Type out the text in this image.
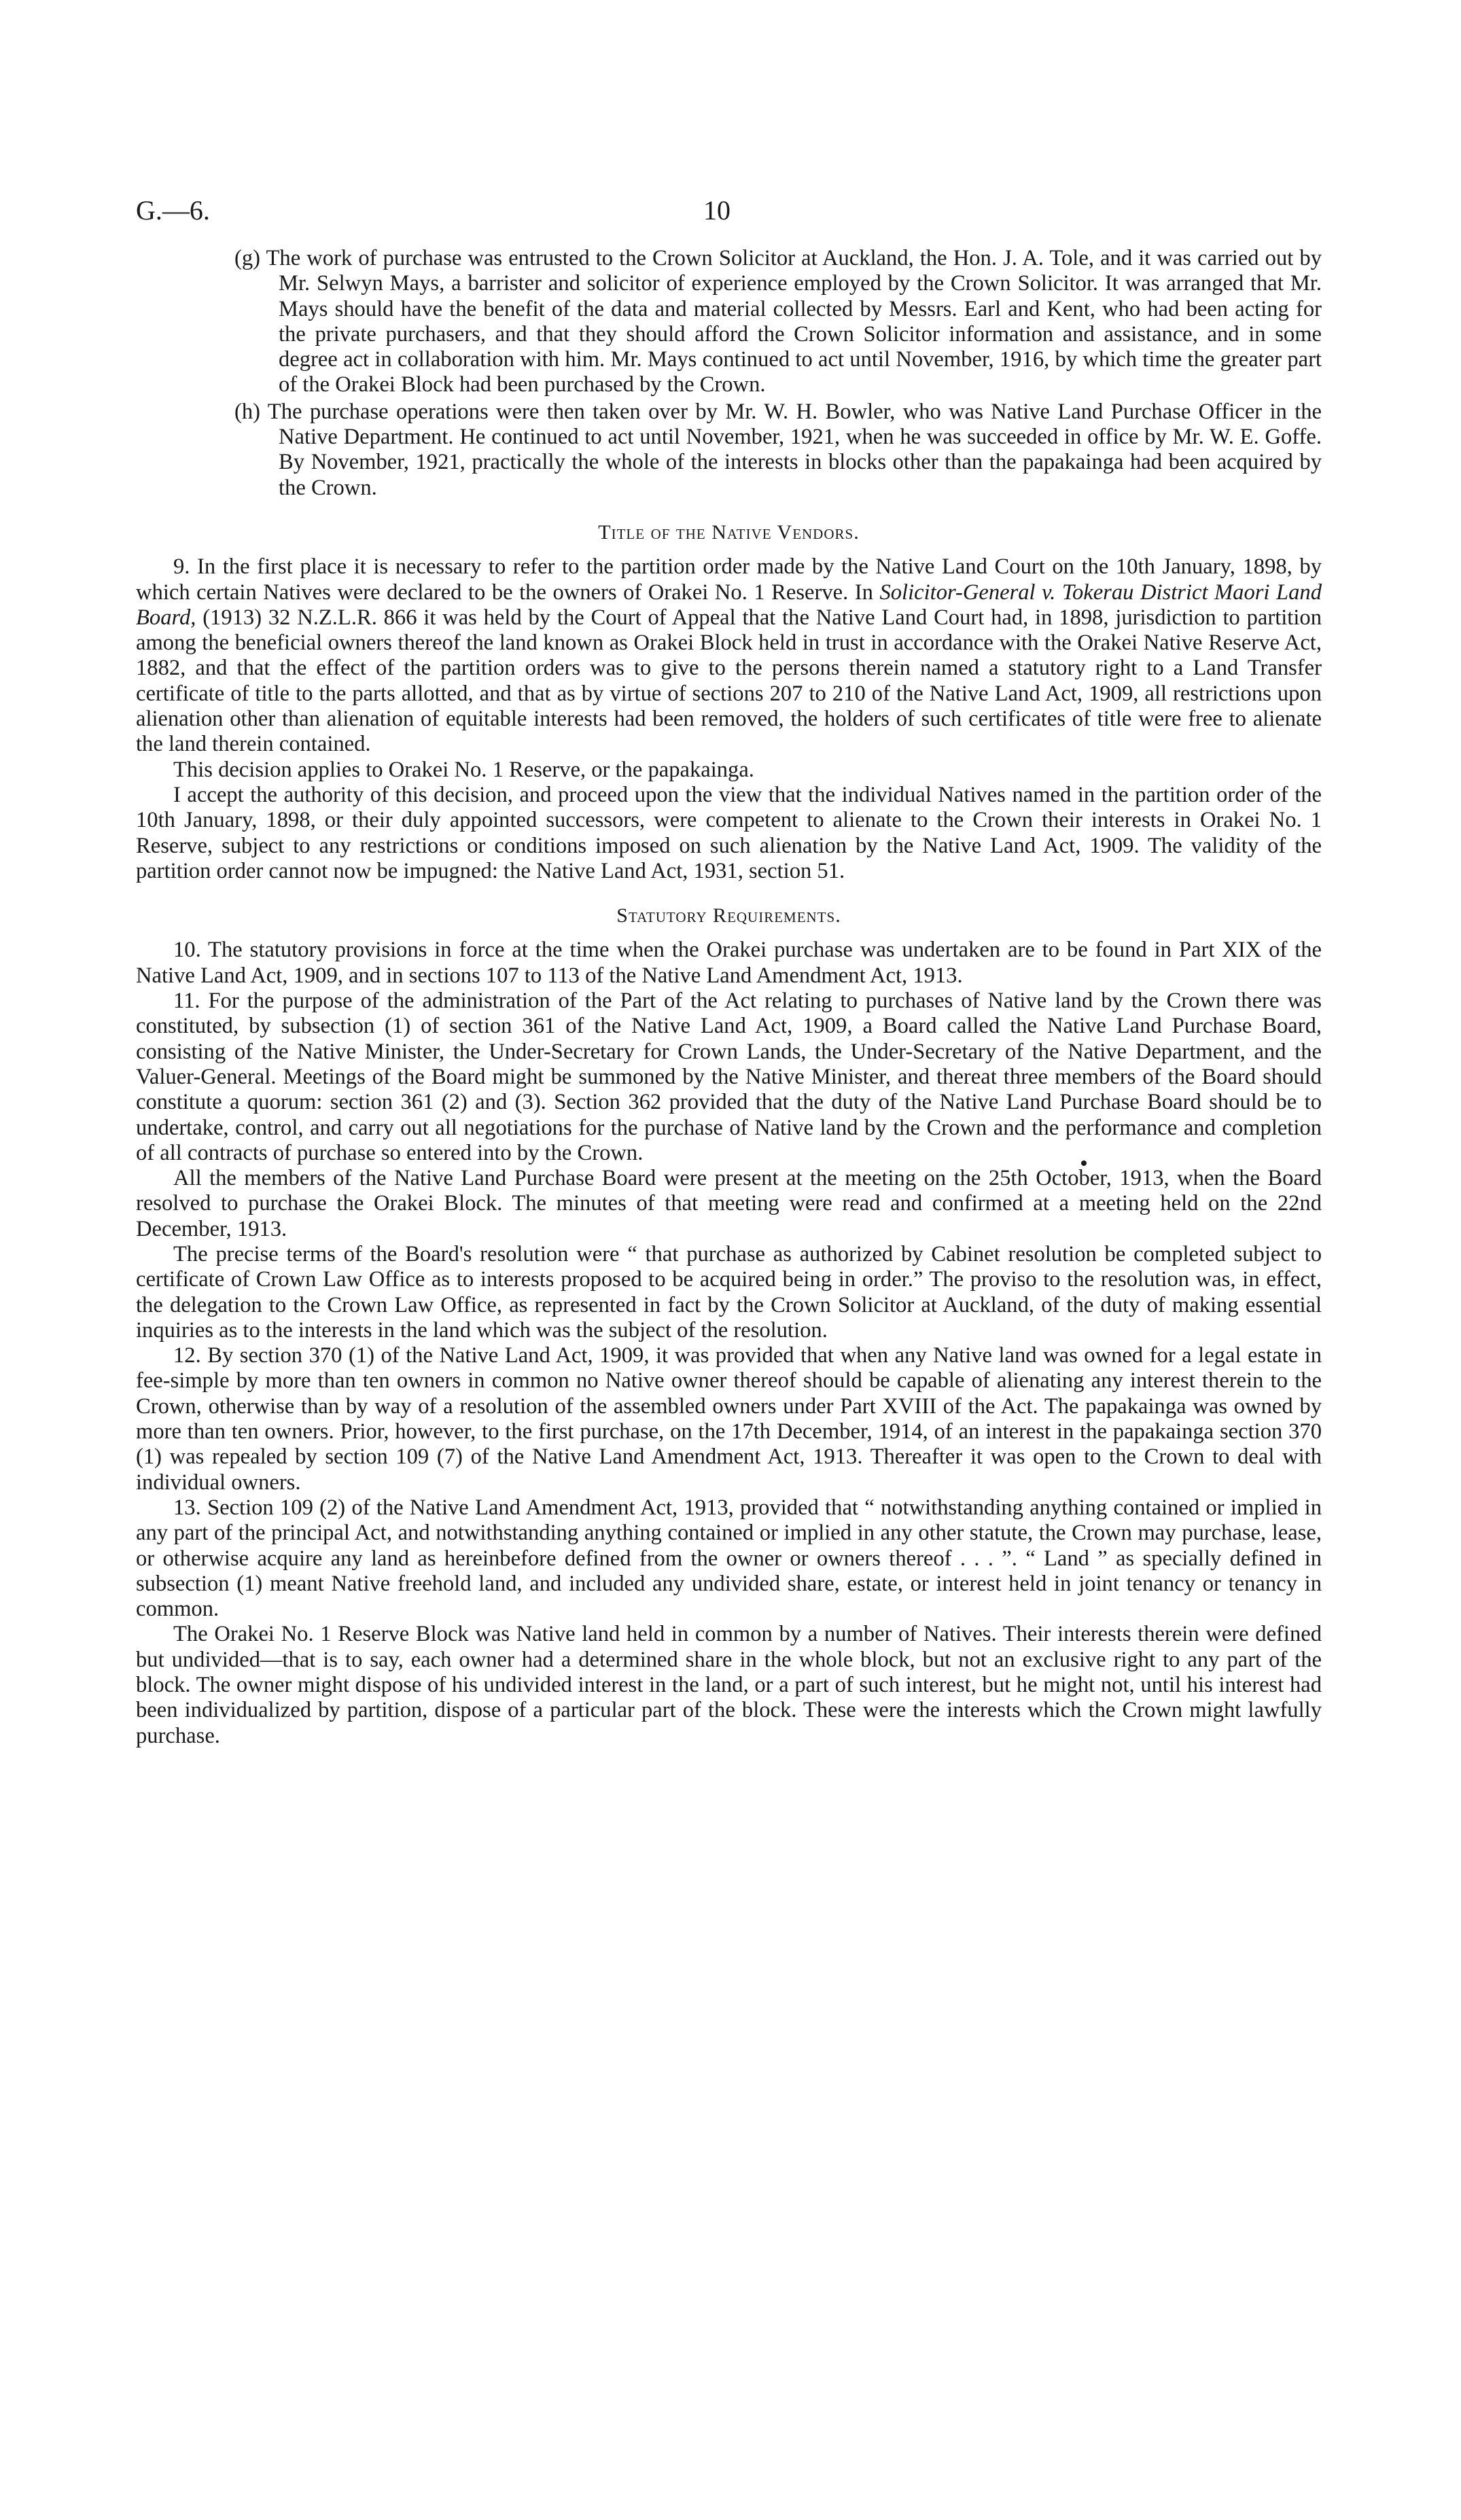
G.—6.	10

(g) The work of purchase was entrusted to the Crown Solicitor at Auckland, the Hon. J. A. Tole, and it was carried out by Mr. Selwyn Mays, a barrister and solicitor of experience employed by the Crown Solicitor. It was arranged that Mr. Mays should have the benefit of the data and material collected by Messrs. Earl and Kent, who had been acting for the private purchasers, and that they should afford the Crown Solicitor information and assistance, and in some degree act in collaboration with him. Mr. Mays continued to act until November, 1916, by which time the greater part of the Orakei Block had been purchased by the Crown.

(h) The purchase operations were then taken over by Mr. W. H. Bowler, who was Native Land Purchase Officer in the Native Department. He continued to act until November, 1921, when he was succeeded in office by Mr. W. E. Goffe. By November, 1921, practically the whole of the interests in blocks other than the papakainga had been acquired by the Crown.

Title of the Native Vendors.

9. In the first place it is necessary to refer to the partition order made by the Native Land Court on the 10th January, 1898, by which certain Natives were declared to be the owners of Orakei No. 1 Reserve. In Solicitor-General v. Tokerau District Maori Land Board, (1913) 32 N.Z.L.R. 866 it was held by the Court of Appeal that the Native Land Court had, in 1898, jurisdiction to partition among the beneficial owners thereof the land known as Orakei Block held in trust in accordance with the Orakei Native Reserve Act, 1882, and that the effect of the partition orders was to give to the persons therein named a statutory right to a Land Transfer certificate of title to the parts allotted, and that as by virtue of sections 207 to 210 of the Native Land Act, 1909, all restrictions upon alienation other than alienation of equitable interests had been removed, the holders of such certificates of title were free to alienate the land therein contained.

This decision applies to Orakei No. 1 Reserve, or the papakainga.

I accept the authority of this decision, and proceed upon the view that the individual Natives named in the partition order of the 10th January, 1898, or their duly appointed successors, were competent to alienate to the Crown their interests in Orakei No. 1 Reserve, subject to any restrictions or conditions imposed on such alienation by the Native Land Act, 1909. The validity of the partition order cannot now be impugned: the Native Land Act, 1931, section 51.

Statutory Requirements.

10. The statutory provisions in force at the time when the Orakei purchase was undertaken are to be found in Part XIX of the Native Land Act, 1909, and in sections 107 to 113 of the Native Land Amendment Act, 1913.

11. For the purpose of the administration of the Part of the Act relating to purchases of Native land by the Crown there was constituted, by subsection (1) of section 361 of the Native Land Act, 1909, a Board called the Native Land Purchase Board, consisting of the Native Minister, the Under-Secretary for Crown Lands, the Under-Secretary of the Native Department, and the Valuer-General. Meetings of the Board might be summoned by the Native Minister, and thereat three members of the Board should constitute a quorum: section 361 (2) and (3). Section 362 provided that the duty of the Native Land Purchase Board should be to undertake, control, and carry out all negotiations for the purchase of Native land by the Crown and the performance and completion of all contracts of purchase so entered into by the Crown.

All the members of the Native Land Purchase Board were present at the meeting on the 25th October, 1913, when the Board resolved to purchase the Orakei Block. The minutes of that meeting were read and confirmed at a meeting held on the 22nd December, 1913.

The precise terms of the Board's resolution were “ that purchase as authorized by Cabinet resolution be completed subject to certificate of Crown Law Office as to interests proposed to be acquired being in order.” The proviso to the resolution was, in effect, the delegation to the Crown Law Office, as represented in fact by the Crown Solicitor at Auckland, of the duty of making essential inquiries as to the interests in the land which was the subject of the resolution.

12. By section 370 (1) of the Native Land Act, 1909, it was provided that when any Native land was owned for a legal estate in fee-simple by more than ten owners in common no Native owner thereof should be capable of alienating any interest therein to the Crown, otherwise than by way of a resolution of the assembled owners under Part XVIII of the Act. The papakainga was owned by more than ten owners. Prior, however, to the first purchase, on the 17th December, 1914, of an interest in the papakainga section 370 (1) was repealed by section 109 (7) of the Native Land Amendment Act, 1913. Thereafter it was open to the Crown to deal with individual owners.

13. Section 109 (2) of the Native Land Amendment Act, 1913, provided that “ notwithstanding anything contained or implied in any part of the principal Act, and notwithstanding anything contained or implied in any other statute, the Crown may purchase, lease, or otherwise acquire any land as hereinbefore defined from the owner or owners thereof . . . ”. “ Land ” as specially defined in subsection (1) meant Native freehold land, and included any undivided share, estate, or interest held in joint tenancy or tenancy in common.

The Orakei No. 1 Reserve Block was Native land held in common by a number of Natives. Their interests therein were defined but undivided—that is to say, each owner had a determined share in the whole block, but not an exclusive right to any part of the block. The owner might dispose of his undivided interest in the land, or a part of such interest, but he might not, until his interest had been individualized by partition, dispose of a particular part of the block. These were the interests which the Crown might lawfully purchase.
